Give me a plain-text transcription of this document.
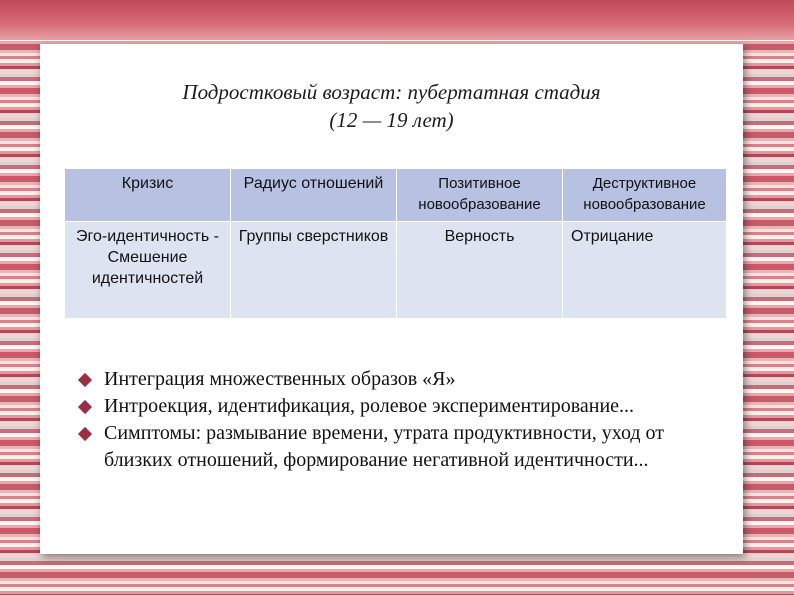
Подростковый возраст: пубертатная стадия
(12 — 19 лет)
Кризис	Радиус отношений	Позитивное новообразование	Деструктивное новообразование
Эго-идентичность - Смешение идентичностей	Группы сверстников	Верность	Отрицание
Интеграция множественных образов «Я»
Интроекция, идентификация, ролевое экспериментирование...
Симптомы: размывание времени, утрата продуктивности, уход от близких отношений, формирование негативной идентичности...
